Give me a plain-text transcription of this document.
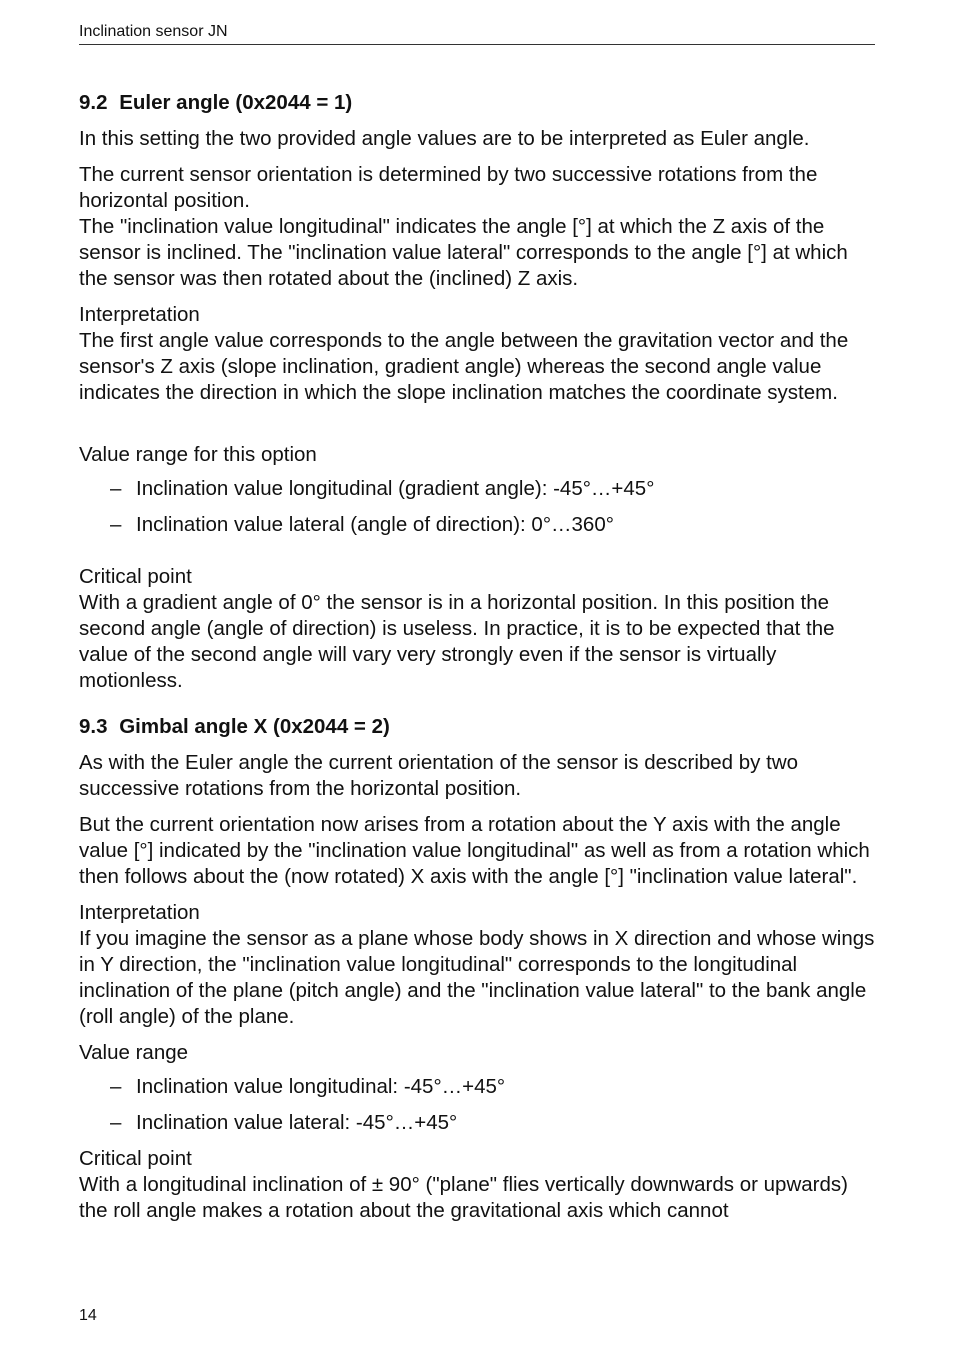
Inclination sensor JN
9.2 Euler angle (0x2044 = 1)

In this setting the two provided angle values are to be interpreted as Euler angle.

The current sensor orientation is determined by two successive rotations from the horizontal position.
The "inclination value longitudinal" indicates the angle [°] at which the Z axis of the sensor is inclined. The "inclination value lateral" corresponds to the angle [°] at which the sensor was then rotated about the (inclined) Z axis.

Interpretation
The first angle value corresponds to the angle between the gravitation vector and the sensor's Z axis (slope inclination, gradient angle) whereas the second angle value indicates the direction in which the slope inclination matches the coordinate system.

Value range for this option

– Inclination value longitudinal (gradient angle): -45°…+45°
– Inclination value lateral (angle of direction): 0°…360°

Critical point
With a gradient angle of 0° the sensor is in a horizontal position. In this position the second angle (angle of direction) is useless. In practice, it is to be expected that the value of the second angle will vary very strongly even if the sensor is virtually motionless.

9.3 Gimbal angle X (0x2044 = 2)

As with the Euler angle the current orientation of the sensor is described by two successive rotations from the horizontal position.

But the current orientation now arises from a rotation about the Y axis with the angle value [°] indicated by the "inclination value longitudinal" as well as from a rotation which then follows about the (now rotated) X axis with the angle [°] "inclination value lateral".

Interpretation
If you imagine the sensor as a plane whose body shows in X direction and whose wings in Y direction, the "inclination value longitudinal" corresponds to the longitudinal inclination of the plane (pitch angle) and the "inclination value lateral" to the bank angle (roll angle) of the plane.

Value range

– Inclination value longitudinal: -45°…+45°
– Inclination value lateral: -45°…+45°

Critical point
With a longitudinal inclination of ± 90° ("plane" flies vertically downwards or upwards) the roll angle makes a rotation about the gravitational axis which cannot

14
